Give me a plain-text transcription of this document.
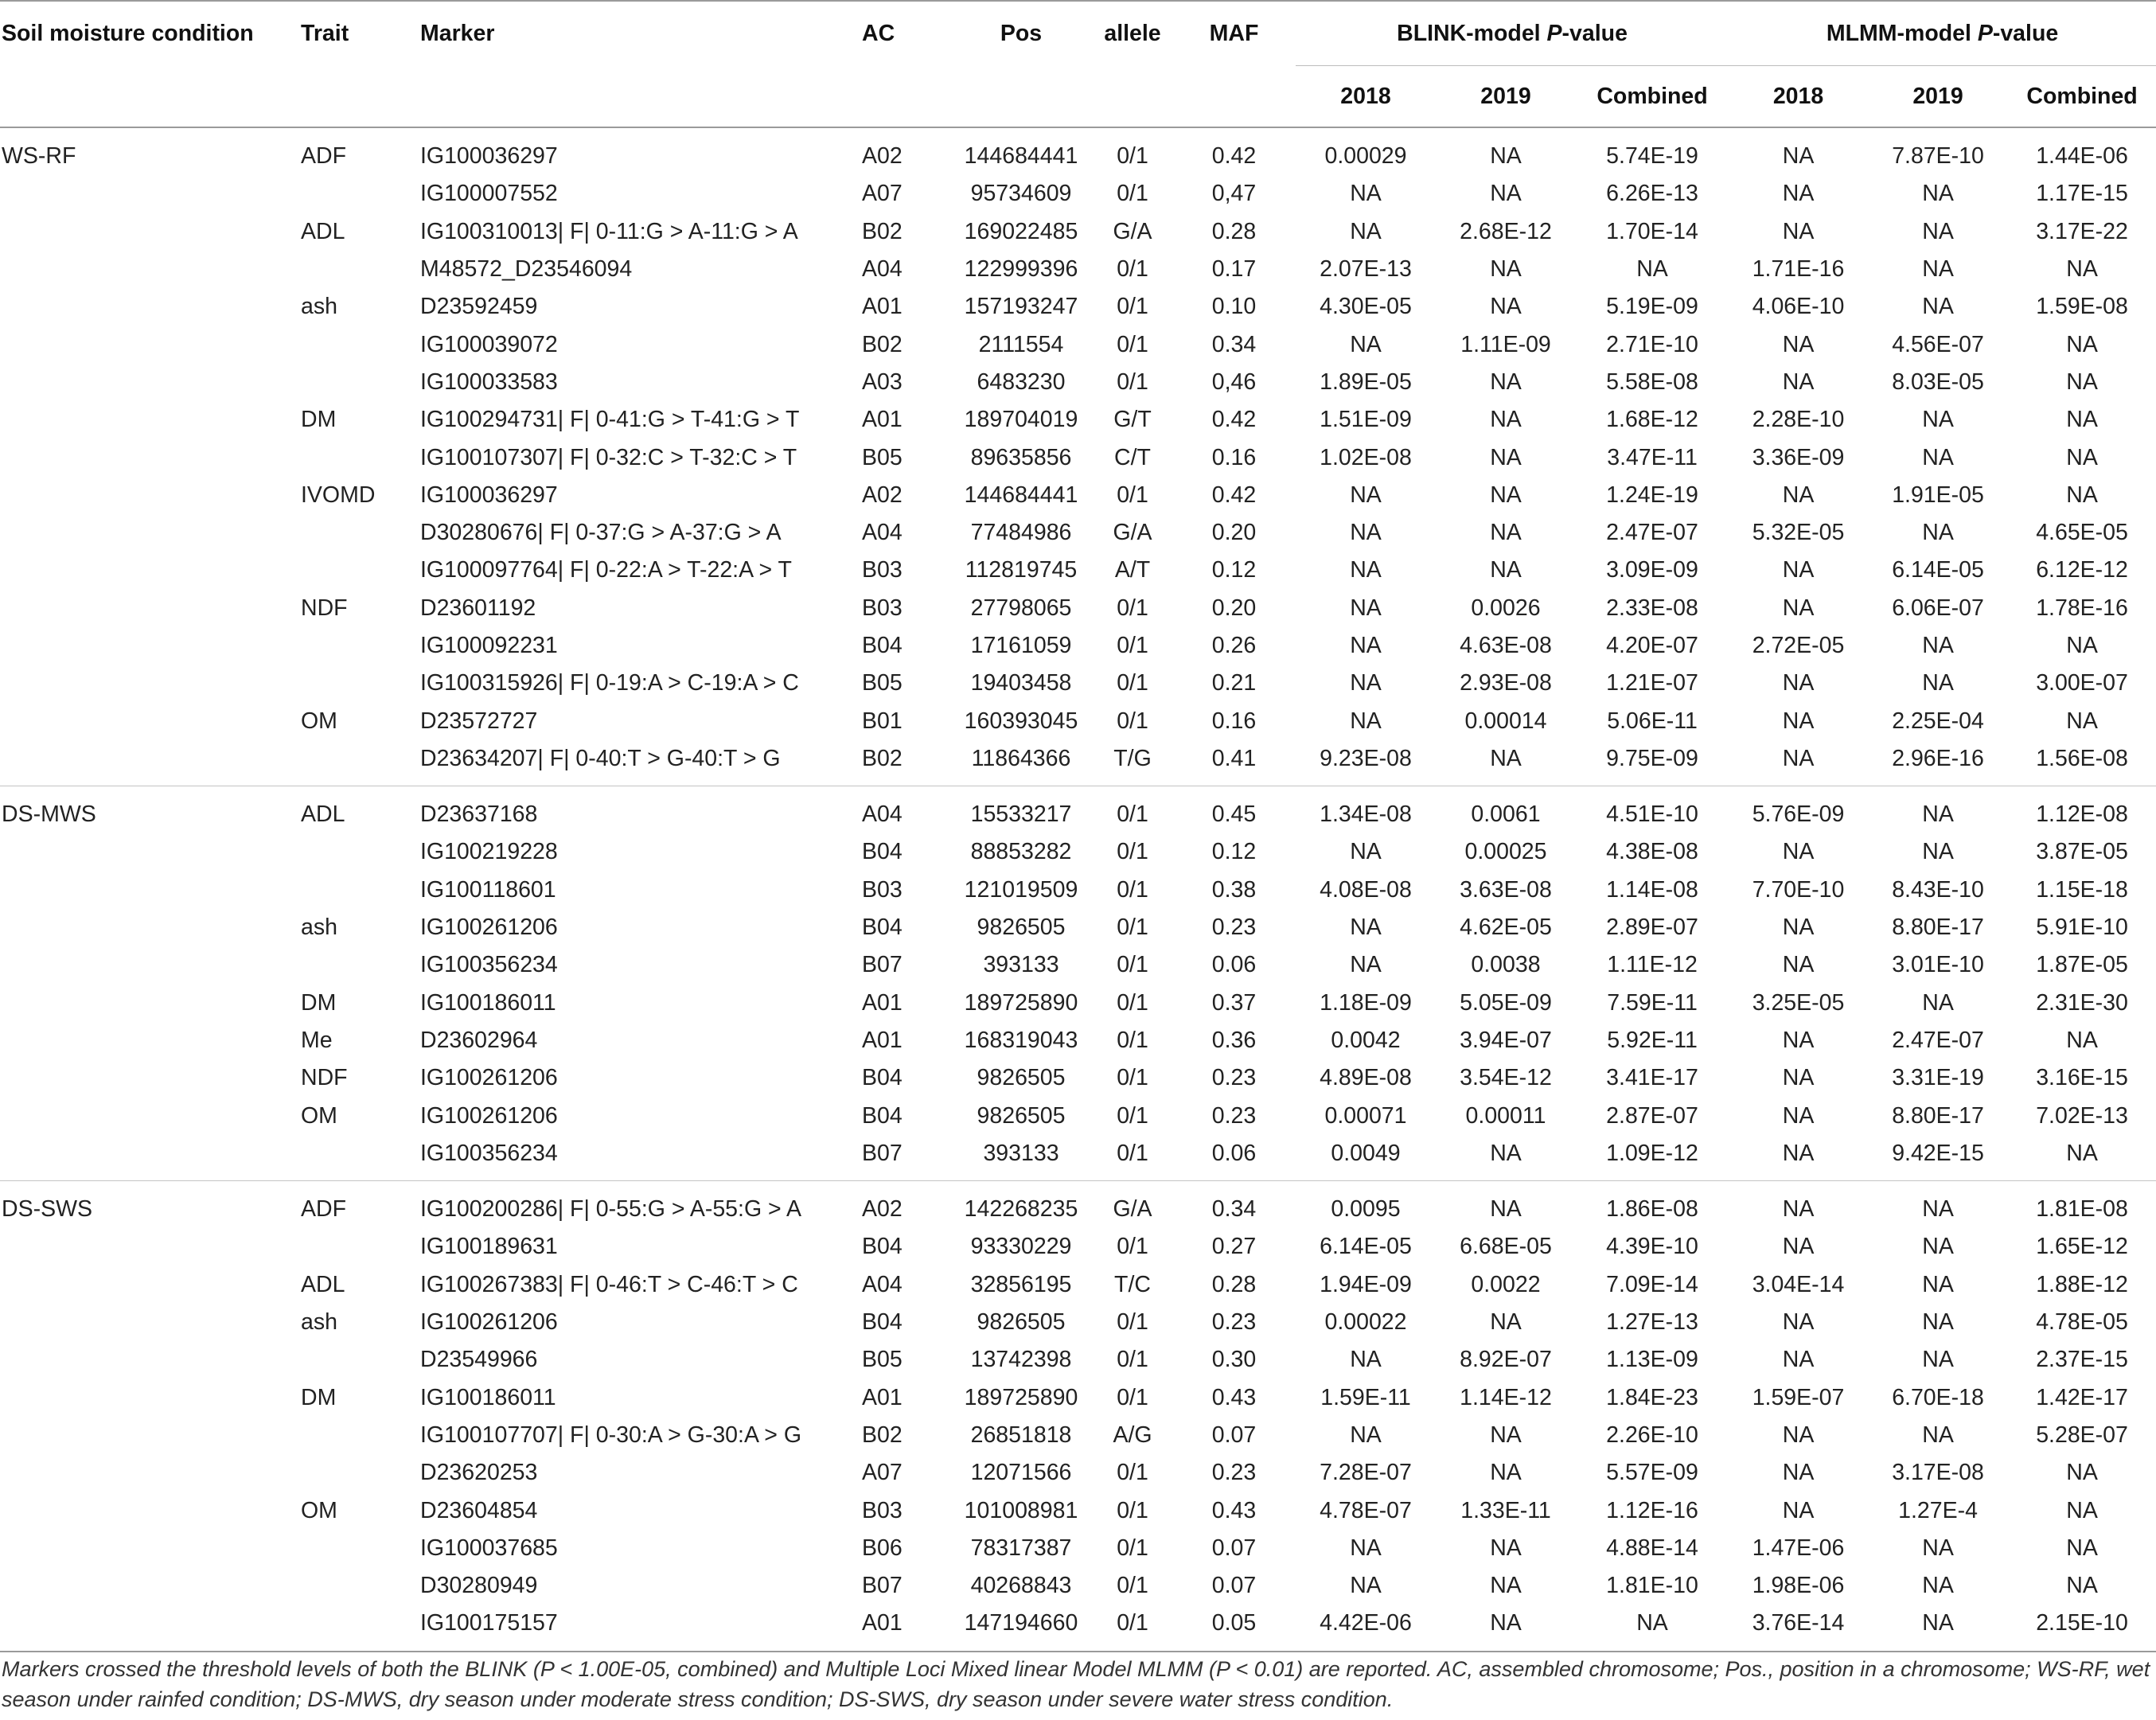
Soil moisture condition	Trait	Marker	AC	Pos	allele	MAF	BLINK-model P-value			MLMM-model P-value		
							2018	2019	Combined	2018	2019	Combined
WS-RF	ADF	IG100036297	A02	144684441	0/1	0.42	0.00029	NA	5.74E-19	NA	7.87E-10	1.44E-06
		IG100007552	A07	95734609	0/1	0,47	NA	NA	6.26E-13	NA	NA	1.17E-15
	ADL	IG100310013| F| 0-11:G > A-11:G > A	B02	169022485	G/A	0.28	NA	2.68E-12	1.70E-14	NA	NA	3.17E-22
		M48572_D23546094	A04	122999396	0/1	0.17	2.07E-13	NA	NA	1.71E-16	NA	NA
	ash	D23592459	A01	157193247	0/1	0.10	4.30E-05	NA	5.19E-09	4.06E-10	NA	1.59E-08
		IG100039072	B02	2111554	0/1	0.34	NA	1.11E-09	2.71E-10	NA	4.56E-07	NA
		IG100033583	A03	6483230	0/1	0,46	1.89E-05	NA	5.58E-08	NA	8.03E-05	NA
	DM	IG100294731| F| 0-41:G > T-41:G > T	A01	189704019	G/T	0.42	1.51E-09	NA	1.68E-12	2.28E-10	NA	NA
		IG100107307| F| 0-32:C > T-32:C > T	B05	89635856	C/T	0.16	1.02E-08	NA	3.47E-11	3.36E-09	NA	NA
	IVOMD	IG100036297	A02	144684441	0/1	0.42	NA	NA	1.24E-19	NA	1.91E-05	NA
		D30280676| F| 0-37:G > A-37:G > A	A04	77484986	G/A	0.20	NA	NA	2.47E-07	5.32E-05	NA	4.65E-05
		IG100097764| F| 0-22:A > T-22:A > T	B03	112819745	A/T	0.12	NA	NA	3.09E-09	NA	6.14E-05	6.12E-12
	NDF	D23601192	B03	27798065	0/1	0.20	NA	0.0026	2.33E-08	NA	6.06E-07	1.78E-16
		IG100092231	B04	17161059	0/1	0.26	NA	4.63E-08	4.20E-07	2.72E-05	NA	NA
		IG100315926| F| 0-19:A > C-19:A > C	B05	19403458	0/1	0.21	NA	2.93E-08	1.21E-07	NA	NA	3.00E-07
	OM	D23572727	B01	160393045	0/1	0.16	NA	0.00014	5.06E-11	NA	2.25E-04	NA
		D23634207| F| 0-40:T > G-40:T > G	B02	11864366	T/G	0.41	9.23E-08	NA	9.75E-09	NA	2.96E-16	1.56E-08
DS-MWS	ADL	D23637168	A04	15533217	0/1	0.45	1.34E-08	0.0061	4.51E-10	5.76E-09	NA	1.12E-08
		IG100219228	B04	88853282	0/1	0.12	NA	0.00025	4.38E-08	NA	NA	3.87E-05
		IG100118601	B03	121019509	0/1	0.38	4.08E-08	3.63E-08	1.14E-08	7.70E-10	8.43E-10	1.15E-18
	ash	IG100261206	B04	9826505	0/1	0.23	NA	4.62E-05	2.89E-07	NA	8.80E-17	5.91E-10
		IG100356234	B07	393133	0/1	0.06	NA	0.0038	1.11E-12	NA	3.01E-10	1.87E-05
	DM	IG100186011	A01	189725890	0/1	0.37	1.18E-09	5.05E-09	7.59E-11	3.25E-05	NA	2.31E-30
	Me	D23602964	A01	168319043	0/1	0.36	0.0042	3.94E-07	5.92E-11	NA	2.47E-07	NA
	NDF	IG100261206	B04	9826505	0/1	0.23	4.89E-08	3.54E-12	3.41E-17	NA	3.31E-19	3.16E-15
	OM	IG100261206	B04	9826505	0/1	0.23	0.00071	0.00011	2.87E-07	NA	8.80E-17	7.02E-13
		IG100356234	B07	393133	0/1	0.06	0.0049	NA	1.09E-12	NA	9.42E-15	NA
DS-SWS	ADF	IG100200286| F| 0-55:G > A-55:G > A	A02	142268235	G/A	0.34	0.0095	NA	1.86E-08	NA	NA	1.81E-08
		IG100189631	B04	93330229	0/1	0.27	6.14E-05	6.68E-05	4.39E-10	NA	NA	1.65E-12
	ADL	IG100267383| F| 0-46:T > C-46:T > C	A04	32856195	T/C	0.28	1.94E-09	0.0022	7.09E-14	3.04E-14	NA	1.88E-12
	ash	IG100261206	B04	9826505	0/1	0.23	0.00022	NA	1.27E-13	NA	NA	4.78E-05
		D23549966	B05	13742398	0/1	0.30	NA	8.92E-07	1.13E-09	NA	NA	2.37E-15
	DM	IG100186011	A01	189725890	0/1	0.43	1.59E-11	1.14E-12	1.84E-23	1.59E-07	6.70E-18	1.42E-17
		IG100107707| F| 0-30:A > G-30:A > G	B02	26851818	A/G	0.07	NA	NA	2.26E-10	NA	NA	5.28E-07
		D23620253	A07	12071566	0/1	0.23	7.28E-07	NA	5.57E-09	NA	3.17E-08	NA
	OM	D23604854	B03	101008981	0/1	0.43	4.78E-07	1.33E-11	1.12E-16	NA	1.27E-4	NA
		IG100037685	B06	78317387	0/1	0.07	NA	NA	4.88E-14	1.47E-06	NA	NA
		D30280949	B07	40268843	0/1	0.07	NA	NA	1.81E-10	1.98E-06	NA	NA
		IG100175157	A01	147194660	0/1	0.05	4.42E-06	NA	NA	3.76E-14	NA	2.15E-10
Markers crossed the threshold levels of both the BLINK (P < 1.00E-05, combined) and Multiple Loci Mixed linear Model MLMM (P < 0.01) are reported. AC, assembled chromosome; Pos., position in a chromosome; WS-RF, wet season under rainfed condition; DS-MWS, dry season under moderate stress condition; DS-SWS, dry season under severe water stress condition.
